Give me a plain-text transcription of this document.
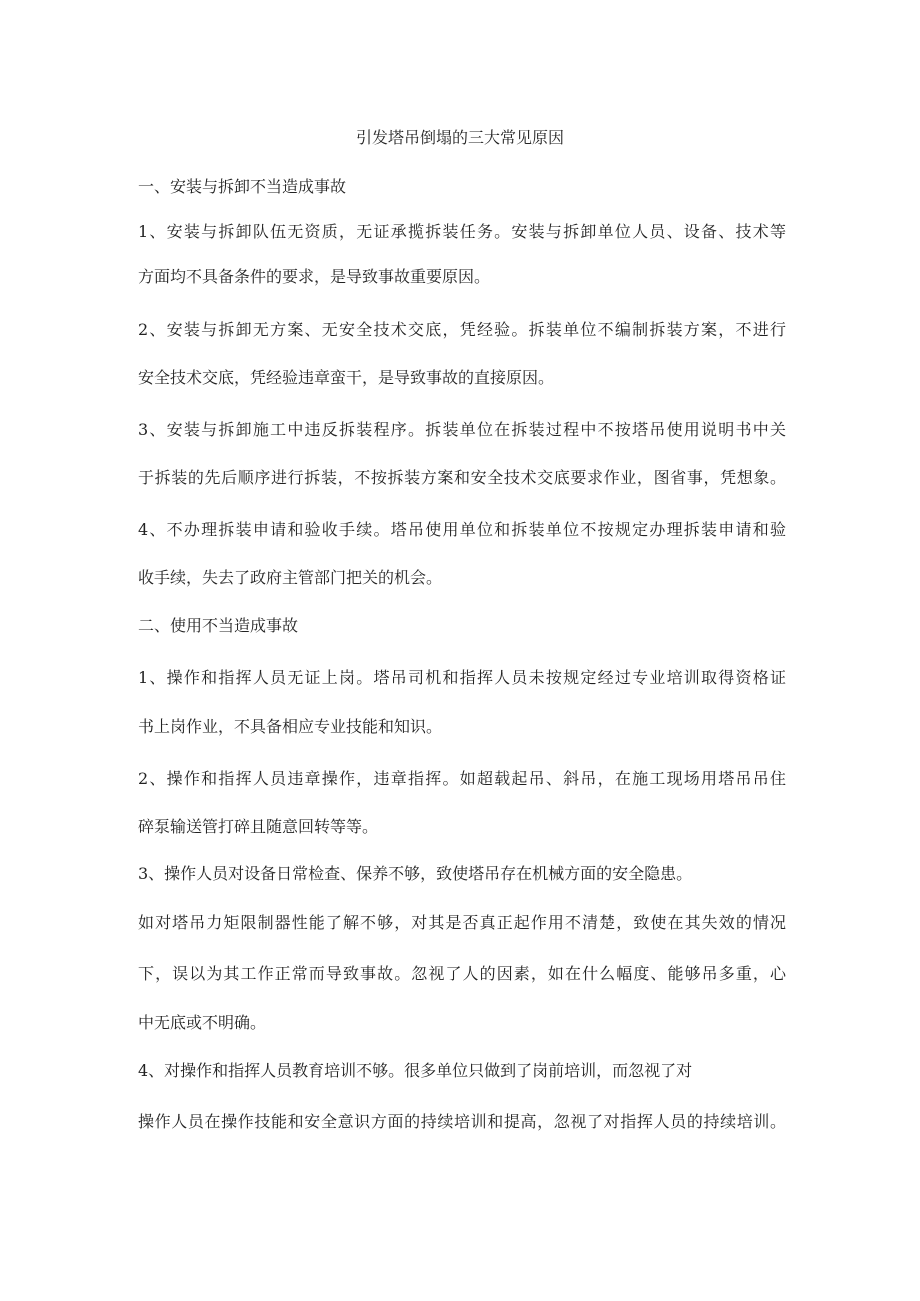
引发塔吊倒塌的三大常见原因

一、安装与拆卸不当造成事故

1、安装与拆卸队伍无资质，无证承揽拆装任务。安装与拆卸单位人员、设备、技术等

方面均不具备条件的要求，是导致事故重要原因。

2、安装与拆卸无方案、无安全技术交底，凭经验。拆装单位不编制拆装方案，不进行

安全技术交底，凭经验违章蛮干，是导致事故的直接原因。

3、安装与拆卸施工中违反拆装程序。拆装单位在拆装过程中不按塔吊使用说明书中关

于拆装的先后顺序进行拆装，不按拆装方案和安全技术交底要求作业，图省事，凭想象。

4、不办理拆装申请和验收手续。塔吊使用单位和拆装单位不按规定办理拆装申请和验

收手续，失去了政府主管部门把关的机会。

二、使用不当造成事故

1、操作和指挥人员无证上岗。塔吊司机和指挥人员未按规定经过专业培训取得资格证

书上岗作业，不具备相应专业技能和知识。

2、操作和指挥人员违章操作，违章指挥。如超载起吊、斜吊，在施工现场用塔吊吊住

碎泵输送管打碎且随意回转等等。

3、操作人员对设备日常检查、保养不够，致使塔吊存在机械方面的安全隐患。

如对塔吊力矩限制器性能了解不够，对其是否真正起作用不清楚，致使在其失效的情况

下，误以为其工作正常而导致事故。忽视了人的因素，如在什么幅度、能够吊多重，心

中无底或不明确。

4、对操作和指挥人员教育培训不够。很多单位只做到了岗前培训，而忽视了对

操作人员在操作技能和安全意识方面的持续培训和提高，忽视了对指挥人员的持续培训。
